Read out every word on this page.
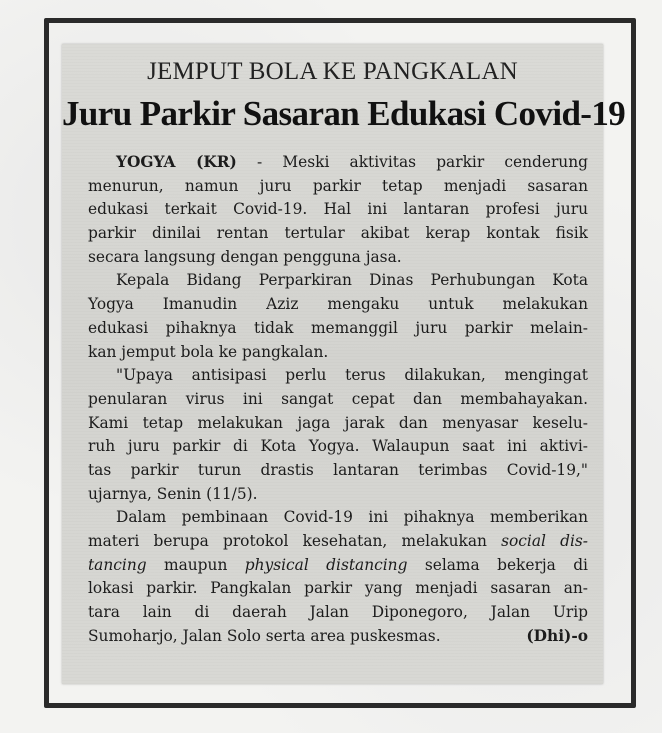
JEMPUT BOLA KE PANGKALAN
Juru Parkir Sasaran Edukasi Covid-19
YOGYA (KR) - Meski aktivitas parkir cenderung
menurun, namun juru parkir tetap menjadi sasaran
edukasi terkait Covid-19. Hal ini lantaran profesi juru
parkir dinilai rentan tertular akibat kerap kontak fisik
secara langsung dengan pengguna jasa.
Kepala Bidang Perparkiran Dinas Perhubungan Kota
Yogya Imanudin Aziz mengaku untuk melakukan
edukasi pihaknya tidak memanggil juru parkir melain-
kan jemput bola ke pangkalan.
"Upaya antisipasi perlu terus dilakukan, mengingat
penularan virus ini sangat cepat dan membahayakan.
Kami tetap melakukan jaga jarak dan menyasar keselu-
ruh juru parkir di Kota Yogya. Walaupun saat ini aktivi-
tas parkir turun drastis lantaran terimbas Covid-19,"
ujarnya, Senin (11/5).
Dalam pembinaan Covid-19 ini pihaknya memberikan
materi berupa protokol kesehatan, melakukan social dis-
tancing maupun physical distancing selama bekerja di
lokasi parkir. Pangkalan parkir yang menjadi sasaran an-
tara lain di daerah Jalan Diponegoro, Jalan Urip
Sumoharjo, Jalan Solo serta area puskesmas.	(Dhi)-o
